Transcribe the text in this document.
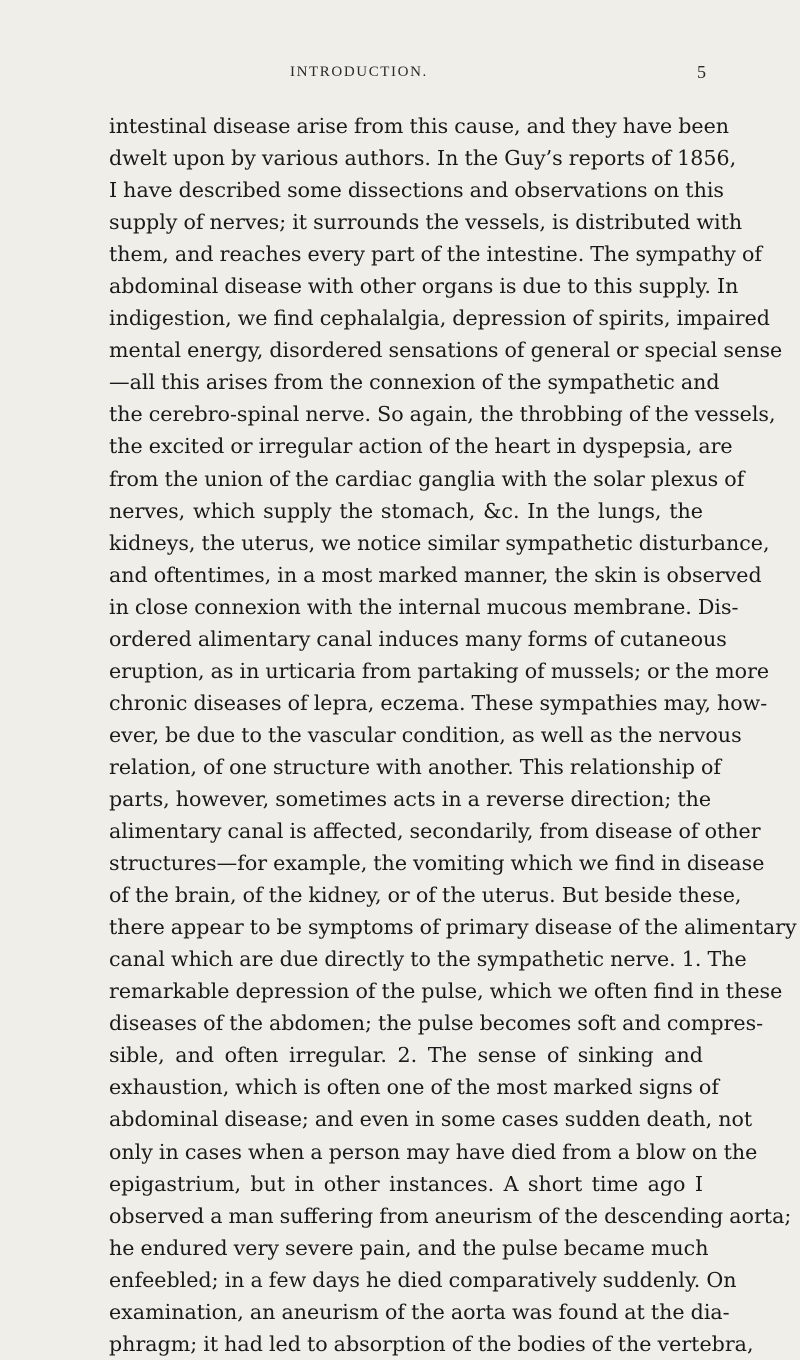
INTRODUCTION.	5
intestinal disease arise from this cause, and they have been
dwelt upon by various authors. In the Guy’s reports of 1856,
I have described some dissections and observations on this
supply of nerves; it surrounds the vessels, is distributed with
them, and reaches every part of the intestine. The sympathy of
abdominal disease with other organs is due to this supply. In
indigestion, we find cephalalgia, depression of spirits, impaired
mental energy, disordered sensations of general or special sense
—all this arises from the connexion of the sympathetic and
the cerebro-spinal nerve. So again, the throbbing of the vessels,
the excited or irregular action of the heart in dyspepsia, are
from the union of the cardiac ganglia with the solar plexus of
nerves, which supply the stomach, &c. In the lungs, the
kidneys, the uterus, we notice similar sympathetic disturbance,
and oftentimes, in a most marked manner, the skin is observed
in close connexion with the internal mucous membrane. Dis-
ordered alimentary canal induces many forms of cutaneous
eruption, as in urticaria from partaking of mussels; or the more
chronic diseases of lepra, eczema. These sympathies may, how-
ever, be due to the vascular condition, as well as the nervous
relation, of one structure with another. This relationship of
parts, however, sometimes acts in a reverse direction; the
alimentary canal is affected, secondarily, from disease of other
structures—for example, the vomiting which we find in disease
of the brain, of the kidney, or of the uterus. But beside these,
there appear to be symptoms of primary disease of the alimentary
canal which are due directly to the sympathetic nerve. 1. The
remarkable depression of the pulse, which we often find in these
diseases of the abdomen; the pulse becomes soft and compres-
sible, and often irregular. 2. The sense of sinking and
exhaustion, which is often one of the most marked signs of
abdominal disease; and even in some cases sudden death, not
only in cases when a person may have died from a blow on the
epigastrium, but in other instances. A short time ago I
observed a man suffering from aneurism of the descending aorta;
he endured very severe pain, and the pulse became much
enfeebled; in a few days he died comparatively suddenly. On
examination, an aneurism of the aorta was found at the dia-
phragm; it had led to absorption of the bodies of the vertebra,
